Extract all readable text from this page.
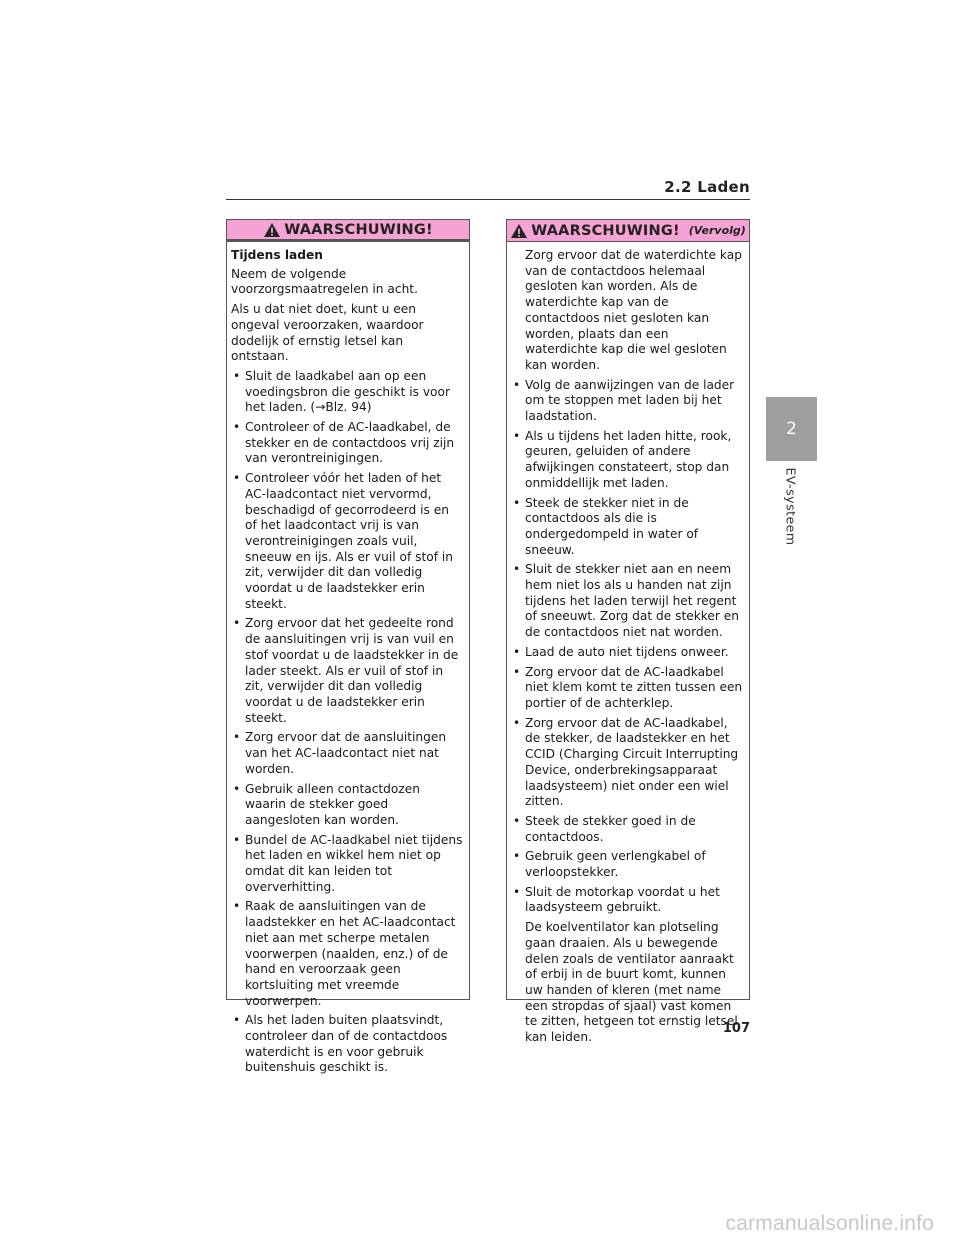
2.2 Laden
2
EV-systeem
WAARSCHUWING!

Tijdens laden

Neem de volgende voorzorgsmaatregelen in acht.

Als u dat niet doet, kunt u een ongeval veroorzaken, waardoor dodelijk of ernstig letsel kan ontstaan.

• Sluit de laadkabel aan op een voedingsbron die geschikt is voor het laden. (→Blz. 94)
• Controleer of de AC-laadkabel, de stekker en de contactdoos vrij zijn van verontreinigingen.
• Controleer vóór het laden of het AC-laadcontact niet vervormd, beschadigd of gecorrodeerd is en of het laadcontact vrij is van verontreinigingen zoals vuil, sneeuw en ijs. Als er vuil of stof in zit, verwijder dit dan volledig voordat u de laadstekker erin steekt.
• Zorg ervoor dat het gedeelte rond de aansluitingen vrij is van vuil en stof voordat u de laadstekker in de lader steekt. Als er vuil of stof in zit, verwijder dit dan volledig voordat u de laadstekker erin steekt.
• Zorg ervoor dat de aansluitingen van het AC-laadcontact niet nat worden.
• Gebruik alleen contactdozen waarin de stekker goed aangesloten kan worden.
• Bundel de AC-laadkabel niet tijdens het laden en wikkel hem niet op omdat dit kan leiden tot oververhitting.
• Raak de aansluitingen van de laadstekker en het AC-laadcontact niet aan met scherpe metalen voorwerpen (naalden, enz.) of de hand en veroorzaak geen kortsluiting met vreemde voorwerpen.
• Als het laden buiten plaatsvindt, controleer dan of de contactdoos waterdicht is en voor gebruik buitenshuis geschikt is.
WAARSCHUWING! (Vervolg)
Zorg ervoor dat de waterdichte kap van de contactdoos helemaal gesloten kan worden. Als de waterdichte kap van de contactdoos niet gesloten kan worden, plaats dan een waterdichte kap die wel gesloten kan worden.
• Volg de aanwijzingen van de lader om te stoppen met laden bij het laadstation.
• Als u tijdens het laden hitte, rook, geuren, geluiden of andere afwijkingen constateert, stop dan onmiddellijk met laden.
• Steek de stekker niet in de contactdoos als die is ondergedompeld in water of sneeuw.
• Sluit de stekker niet aan en neem hem niet los als u handen nat zijn tijdens het laden terwijl het regent of sneeuwt. Zorg dat de stekker en de contactdoos niet nat worden.
• Laad de auto niet tijdens onweer.
• Zorg ervoor dat de AC-laadkabel niet klem komt te zitten tussen een portier of de achterklep.
• Zorg ervoor dat de AC-laadkabel, de stekker, de laadstekker en het CCID (Charging Circuit Interrupting Device, onderbrekingsapparaat laadsysteem) niet onder een wiel zitten.
• Steek de stekker goed in de contactdoos.
• Gebruik geen verlengkabel of verloopstekker.
• Sluit de motorkap voordat u het laadsysteem gebruikt.
De koelventilator kan plotseling gaan draaien. Als u bewegende delen zoals de ventilator aanraakt of erbij in de buurt komt, kunnen uw handen of kleren (met name een stropdas of sjaal) vast komen te zitten, hetgeen tot ernstig letsel kan leiden.
107
carmanualsonline.info
